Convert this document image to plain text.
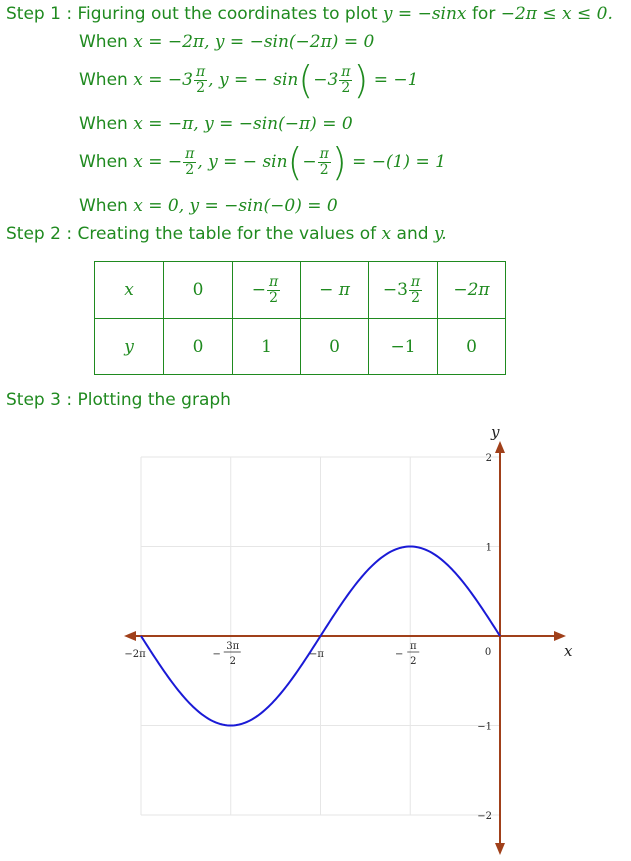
Step 1 : Figuring out the coordinates to plot y = −sinx for −2π ≤ x ≤ 0.
When x = −2π, y = −sin(−2π) = 0
When $x = -3 \frac{\pi}{2}$ , y = − $\sin(-3 \frac{\pi}{2}$ ) = −1
When x = −π, y = −sin(−π) = 0
When x = − $\frac{\pi}{2}$ , y = − $\sin(- \frac{\pi}{2}$ ) = −(1) = 1
When x = 0, y = −sin(−0) = 0
Step 2 : Creating the table for the values of x and y.
x	0	− $\frac{\pi}{2}$	− π	$-3 \frac{\pi}{2}$	−2π
y	0	1	0	−1	0
Step 3 : Plotting the graph
x
y
2
1
−1
−2
−2π	−
3π
2
−π	−
π
2
0
